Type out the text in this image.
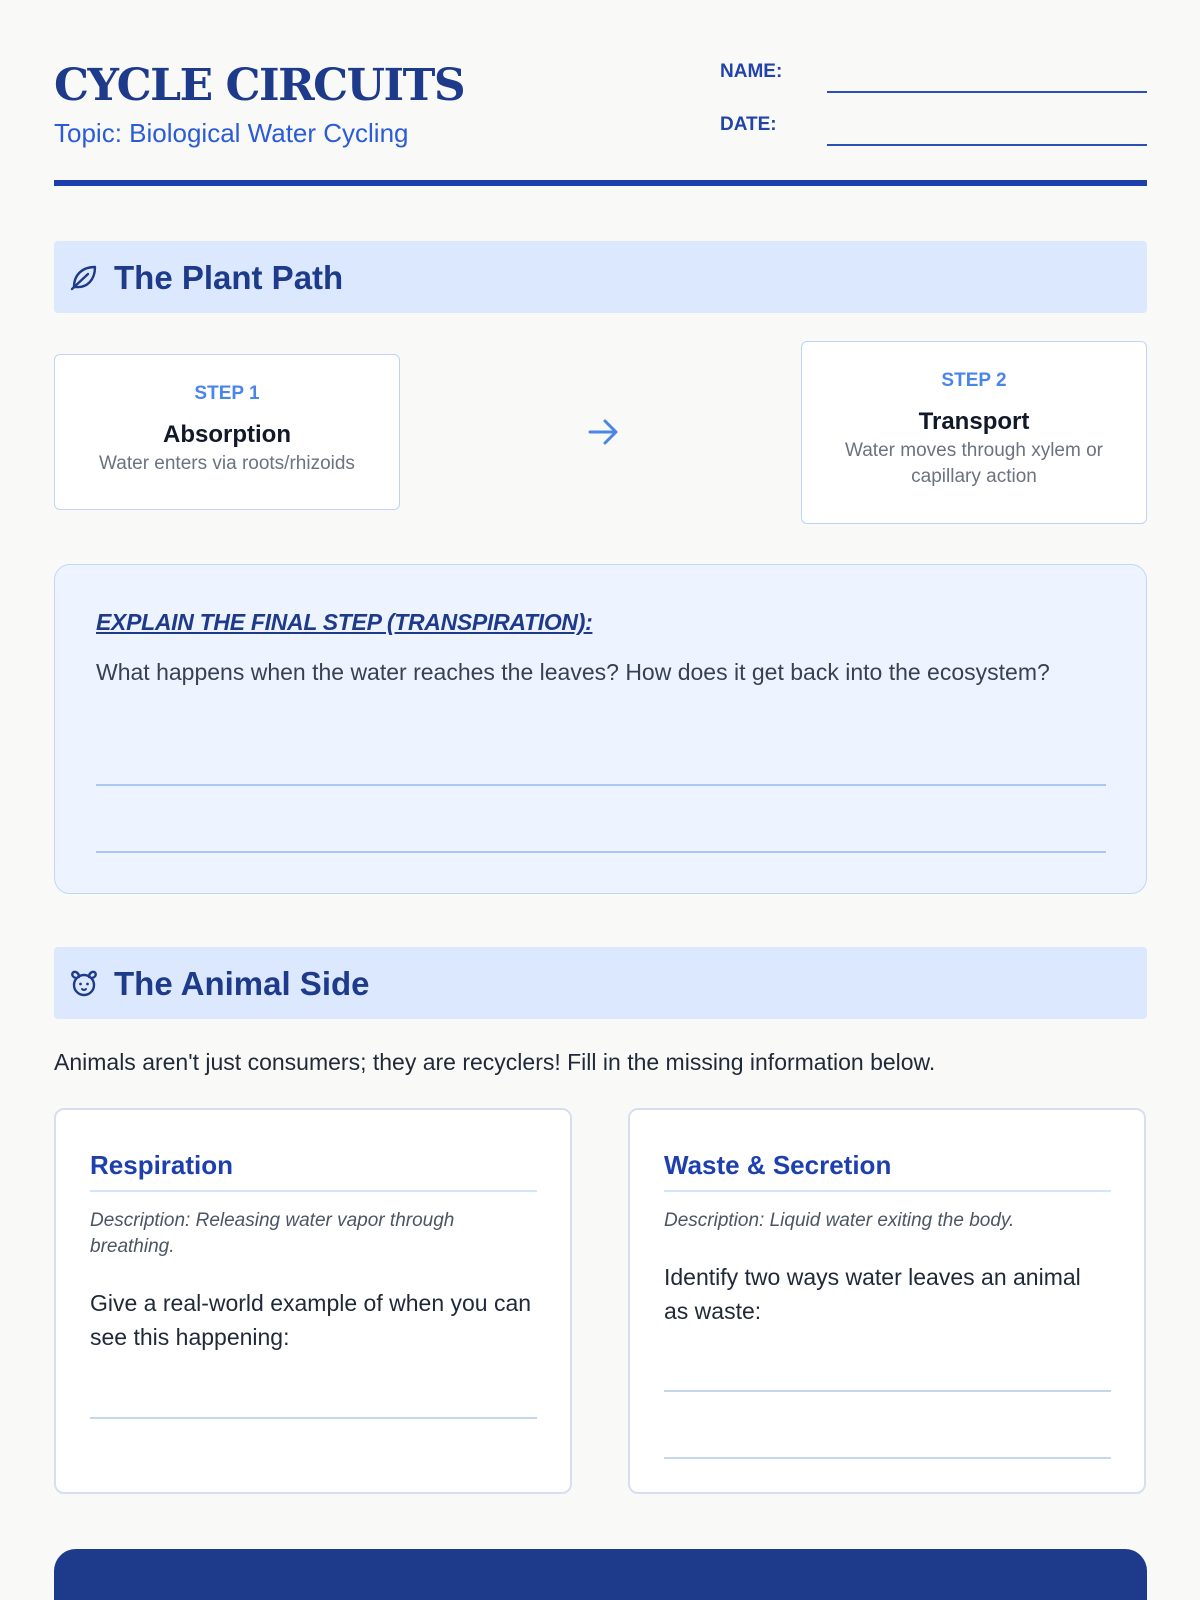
CYCLE CIRCUITS
Topic: Biological Water Cycling
NAME:
DATE:
The Plant Path
STEP 1
Absorption
Water enters via roots/rhizoids
STEP 2
Transport
Water moves through xylem or capillary action
EXPLAIN THE FINAL STEP (TRANSPIRATION):
What happens when the water reaches the leaves? How does it get back into the ecosystem?
The Animal Side
Animals aren't just consumers; they are recyclers! Fill in the missing information below.
Respiration
Description: Releasing water vapor through breathing.
Give a real-world example of when you can see this happening:
Waste & Secretion
Description: Liquid water exiting the body.
Identify two ways water leaves an animal as waste:
